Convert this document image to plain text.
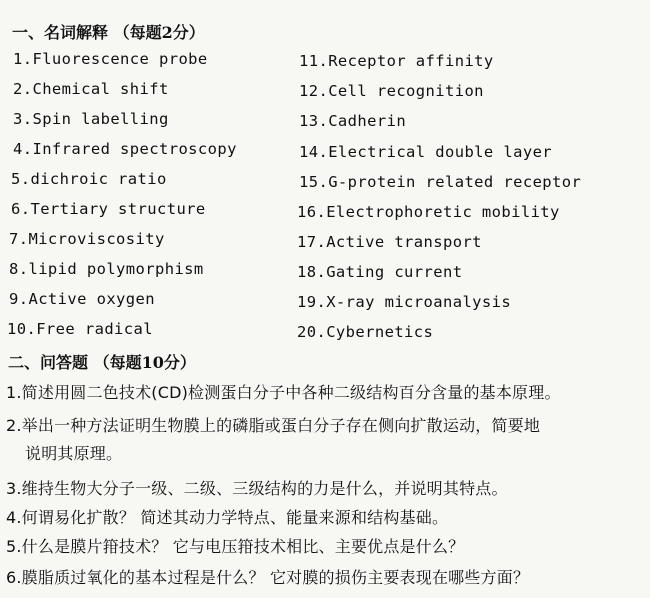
一、名词解释 （每题2分）
1.Fluorescence probe
2.Chemical shift
3.Spin labelling
4.Infrared spectroscopy
5.dichroic ratio
6.Tertiary structure
7.Microviscosity
8.lipid polymorphism
9.Active oxygen
10.Free radical
11.Receptor affinity
12.Cell recognition
13.Cadherin
14.Electrical double layer
15.G-protein related receptor
16.Electrophoretic mobility
17.Active transport
18.Gating current
19.X-ray microanalysis
20.Cybernetics
二、问答题 （每题10分）
1.简述用圆二色技术(CD)检测蛋白分子中各种二级结构百分含量的基本原理。
2.举出一种方法证明生物膜上的磷脂或蛋白分子存在侧向扩散运动，简要地
说明其原理。
3.维持生物大分子一级、二级、三级结构的力是什么，并说明其特点。
4.何谓易化扩散？ 简述其动力学特点、能量来源和结构基础。
5.什么是膜片箝技术？ 它与电压箝技术相比、主要优点是什么？
6.膜脂质过氧化的基本过程是什么？ 它对膜的损伤主要表现在哪些方面？
